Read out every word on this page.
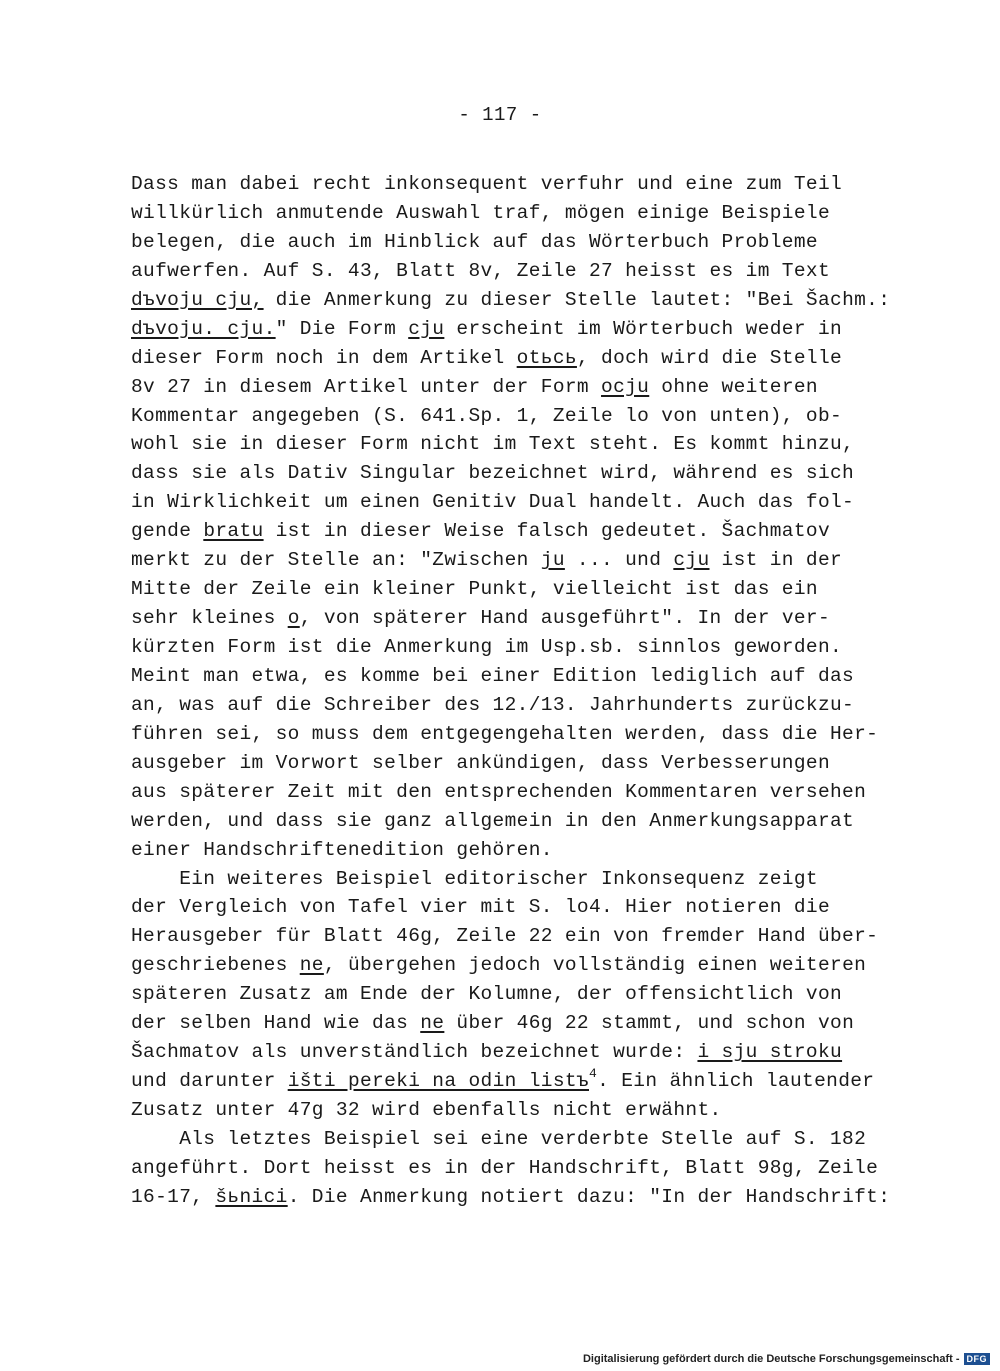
- 117 -
Dass man dabei recht inkonsequent verfuhr und eine zum Teil
willkürlich anmutende Auswahl traf, mögen einige Beispiele
belegen, die auch im Hinblick auf das Wörterbuch Probleme
aufwerfen. Auf S. 43, Blatt 8v, Zeile 27 heisst es im Text
dъvoju cju, die Anmerkung zu dieser Stelle lautet: "Bei Šachm.:
dъvoju. cju." Die Form cju erscheint im Wörterbuch weder in
dieser Form noch in dem Artikel otьcь, doch wird die Stelle
8v 27 in diesem Artikel unter der Form ocju ohne weiteren
Kommentar angegeben (S. 641.Sp. 1, Zeile lo von unten), ob-
wohl sie in dieser Form nicht im Text steht. Es kommt hinzu,
dass sie als Dativ Singular bezeichnet wird, während es sich
in Wirklichkeit um einen Genitiv Dual handelt. Auch das fol-
gende bratu ist in dieser Weise falsch gedeutet. Šachmatov
merkt zu der Stelle an: "Zwischen ju ... und cju ist in der
Mitte der Zeile ein kleiner Punkt, vielleicht ist das ein
sehr kleines o, von späterer Hand ausgeführt". In der ver-
kürzten Form ist die Anmerkung im Usp.sb. sinnlos geworden.
Meint man etwa, es komme bei einer Edition lediglich auf das
an, was auf die Schreiber des 12./13. Jahrhunderts zurückzu-
führen sei, so muss dem entgegengehalten werden, dass die Her-
ausgeber im Vorwort selber ankündigen, dass Verbesserungen
aus späterer Zeit mit den entsprechenden Kommentaren versehen
werden, und dass sie ganz allgemein in den Anmerkungsapparat
einer Handschriftenedition gehören.
Ein weiteres Beispiel editorischer Inkonsequenz zeigt
der Vergleich von Tafel vier mit S. lo4. Hier notieren die
Herausgeber für Blatt 46g, Zeile 22 ein von fremder Hand über-
geschriebenes ne, übergehen jedoch vollständig einen weiteren
späteren Zusatz am Ende der Kolumne, der offensichtlich von
der selben Hand wie das ne über 46g 22 stammt, und schon von
Šachmatov als unverständlich bezeichnet wurde: i sju stroku
und darunter išti pereki na odin listъ$^4$. Ein ähnlich lautender
Zusatz unter 47g 32 wird ebenfalls nicht erwähnt.
Als letztes Beispiel sei eine verderbte Stelle auf S. 182
angeführt. Dort heisst es in der Handschrift, Blatt 98g, Zeile
16-17, šьnici. Die Anmerkung notiert dazu: "In der Handschrift:
Digitalisierung gefördert durch die Deutsche Forschungsgemeinschaft - DFG
